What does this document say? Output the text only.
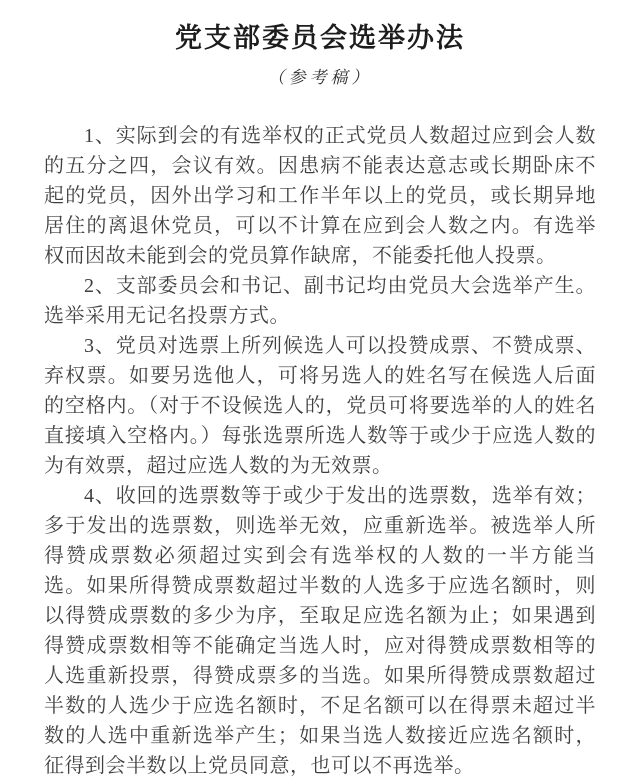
党支部委员会选举办法
（参考稿）

1、实际到会的有选举权的正式党员人数超过应到会人数的五分之四，会议有效。因患病不能表达意志或长期卧床不起的党员，因外出学习和工作半年以上的党员，或长期异地居住的离退休党员，可以不计算在应到会人数之内。有选举权而因故未能到会的党员算作缺席，不能委托他人投票。

2、支部委员会和书记、副书记均由党员大会选举产生。选举采用无记名投票方式。

3、党员对选票上所列候选人可以投赞成票、不赞成票、弃权票。如要另选他人，可将另选人的姓名写在候选人后面的空格内。（对于不设候选人的，党员可将要选举的人的姓名直接填入空格内。）每张选票所选人数等于或少于应选人数的为有效票，超过应选人数的为无效票。

4、收回的选票数等于或少于发出的选票数，选举有效；多于发出的选票数，则选举无效，应重新选举。被选举人所得赞成票数必须超过实到会有选举权的人数的一半方能当选。如果所得赞成票数超过半数的人选多于应选名额时，则以得赞成票数的多少为序，至取足应选名额为止；如果遇到得赞成票数相等不能确定当选人时，应对得赞成票数相等的人选重新投票，得赞成票多的当选。如果所得赞成票数超过半数的人选少于应选名额时，不足名额可以在得票未超过半数的人选中重新选举产生；如果当选人数接近应选名额时，征得到会半数以上党员同意，也可以不再选举。
